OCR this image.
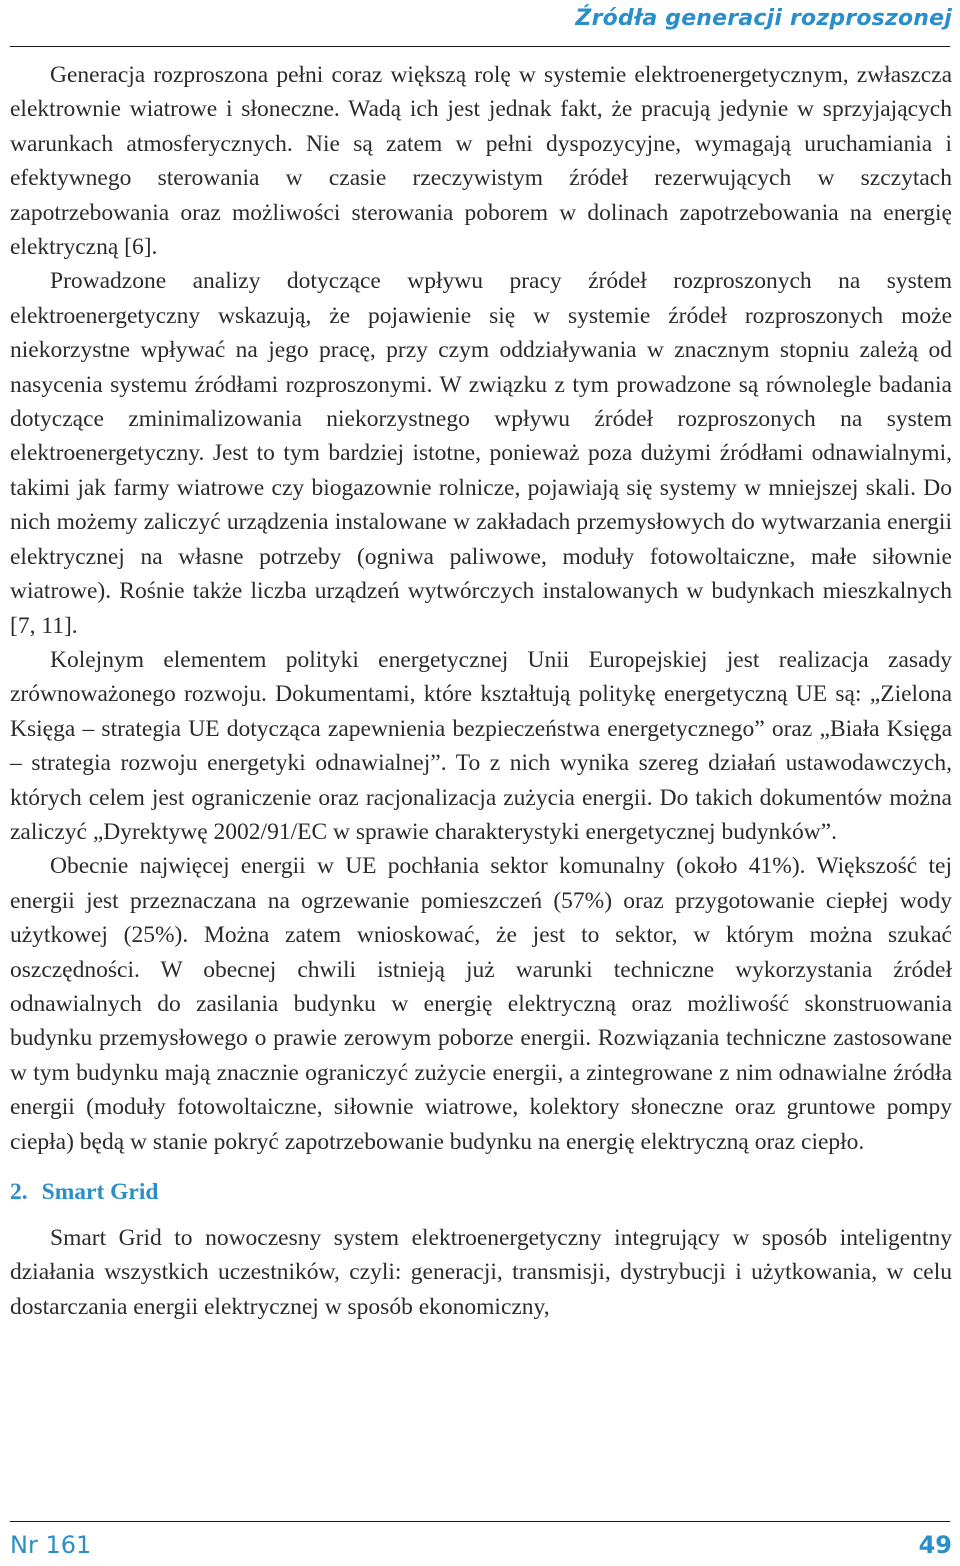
Źródła generacji rozproszonej

Generacja rozproszona pełni coraz większą rolę w systemie elektroenergetycznym, zwłaszcza elektrownie wiatrowe i słoneczne. Wadą ich jest jednak fakt, że pracują jedynie w sprzyjających warunkach atmosferycznych. Nie są zatem w pełni dyspozycyjne, wymagają uruchamiania i efektywnego sterowania w czasie rzeczywistym źródeł rezerwujących w szczytach zapotrzebowania oraz możliwości sterowania poborem w dolinach zapotrzebowania na energię elektryczną [6].

Prowadzone analizy dotyczące wpływu pracy źródeł rozproszonych na system elektroenergetyczny wskazują, że pojawienie się w systemie źródeł rozproszonych może niekorzystne wpływać na jego pracę, przy czym oddziaływania w znacznym stopniu zależą od nasycenia systemu źródłami rozproszonymi. W związku z tym prowadzone są równolegle badania dotyczące zminimalizowania niekorzystnego wpływu źródeł rozproszonych na system elektroenergetyczny. Jest to tym bardziej istotne, ponieważ poza dużymi źródłami odnawialnymi, takimi jak farmy wiatrowe czy biogazownie rolnicze, pojawiają się systemy w mniejszej skali. Do nich możemy zaliczyć urządzenia instalowane w zakładach przemysłowych do wytwarzania energii elektrycznej na własne potrzeby (ogniwa paliwowe, moduły fotowoltaiczne, małe siłownie wiatrowe). Rośnie także liczba urządzeń wytwórczych instalowanych w budynkach mieszkalnych [7, 11].

Kolejnym elementem polityki energetycznej Unii Europejskiej jest realizacja zasady zrównoważonego rozwoju. Dokumentami, które kształtują politykę energetyczną UE są: „Zielona Księga – strategia UE dotycząca zapewnienia bezpieczeństwa energetycznego” oraz „Biała Księga – strategia rozwoju energetyki odnawialnej”. To z nich wynika szereg działań ustawodawczych, których celem jest ograniczenie oraz racjonalizacja zużycia energii. Do takich dokumentów można zaliczyć „Dyrektywę 2002/91/EC w sprawie charakterystyki energetycznej budynków”.

Obecnie najwięcej energii w UE pochłania sektor komunalny (około 41%). Większość tej energii jest przeznaczana na ogrzewanie pomieszczeń (57%) oraz przygotowanie ciepłej wody użytkowej (25%). Można zatem wnioskować, że jest to sektor, w którym można szukać oszczędności. W obecnej chwili istnieją już warunki techniczne wykorzystania źródeł odnawialnych do zasilania budynku w energię elektryczną oraz możliwość skonstruowania budynku przemysłowego o prawie zerowym poborze energii. Rozwiązania techniczne zastosowane w tym budynku mają znacznie ograniczyć zużycie energii, a zintegrowane z nim odnawialne źródła energii (moduły fotowoltaiczne, siłownie wiatrowe, kolektory słoneczne oraz gruntowe pompy ciepła) będą w stanie pokryć zapotrzebowanie budynku na energię elektryczną oraz ciepło.

2. Smart Grid

Smart Grid to nowoczesny system elektroenergetyczny integrujący w sposób inteligentny działania wszystkich uczestników, czyli: generacji, transmisji, dystrybucji i użytkowania, w celu dostarczania energii elektrycznej w sposób ekonomiczny,

Nr 161	49
